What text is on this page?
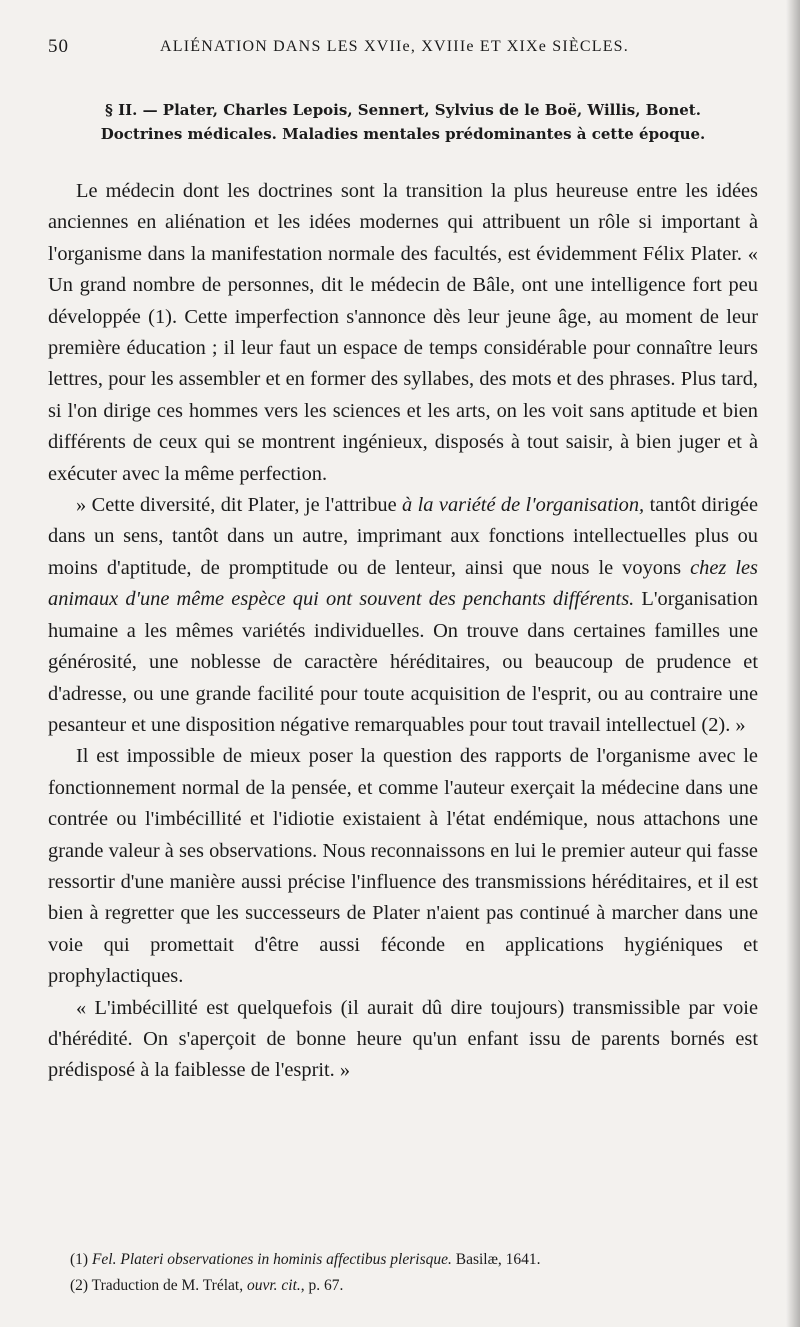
50	ALIÉNATION DANS LES XVIIe, XVIIIe ET XIXe SIÈCLES.
§ II. — Plater, Charles Lepois, Sennert, Sylvius de le Boë, Willis, Bonet.
Doctrines médicales. Maladies mentales prédominantes à cette époque.

Le médecin dont les doctrines sont la transition la plus heureuse entre les idées anciennes en aliénation et les idées modernes qui attribuent un rôle si important à l'organisme dans la manifestation normale des facultés, est évidemment Félix Plater. « Un grand nombre de personnes, dit le médecin de Bâle, ont une intelligence fort peu développée (1). Cette imperfection s'annonce dès leur jeune âge, au moment de leur première éducation ; il leur faut un espace de temps considérable pour connaître leurs lettres, pour les assembler et en former des syllabes, des mots et des phrases. Plus tard, si l'on dirige ces hommes vers les sciences et les arts, on les voit sans aptitude et bien différents de ceux qui se montrent ingénieux, disposés à tout saisir, à bien juger et à exécuter avec la même perfection.

» Cette diversité, dit Plater, je l'attribue à la variété de l'organisation, tantôt dirigée dans un sens, tantôt dans un autre, imprimant aux fonctions intellectuelles plus ou moins d'aptitude, de promptitude ou de lenteur, ainsi que nous le voyons chez les animaux d'une même espèce qui ont souvent des penchants différents. L'organisation humaine a les mêmes variétés individuelles. On trouve dans certaines familles une générosité, une noblesse de caractère héréditaires, ou beaucoup de prudence et d'adresse, ou une grande facilité pour toute acquisition de l'esprit, ou au contraire une pesanteur et une disposition négative remarquables pour tout travail intellectuel (2). »

Il est impossible de mieux poser la question des rapports de l'organisme avec le fonctionnement normal de la pensée, et comme l'auteur exerçait la médecine dans une contrée ou l'imbécillité et l'idiotie existaient à l'état endémique, nous attachons une grande valeur à ses observations. Nous reconnaissons en lui le premier auteur qui fasse ressortir d'une manière aussi précise l'influence des transmissions héréditaires, et il est bien à regretter que les successeurs de Plater n'aient pas continué à marcher dans une voie qui promettait d'être aussi féconde en applications hygiéniques et prophylactiques.

« L'imbécillité est quelquefois (il aurait dû dire toujours) transmissible par voie d'hérédité. On s'aperçoit de bonne heure qu'un enfant issu de parents bornés est prédisposé à la faiblesse de l'esprit. »

(1) Fel. Plateri observationes in hominis affectibus plerisque. Basilæ, 1641.

(2) Traduction de M. Trélat, ouvr. cit., p. 67.
